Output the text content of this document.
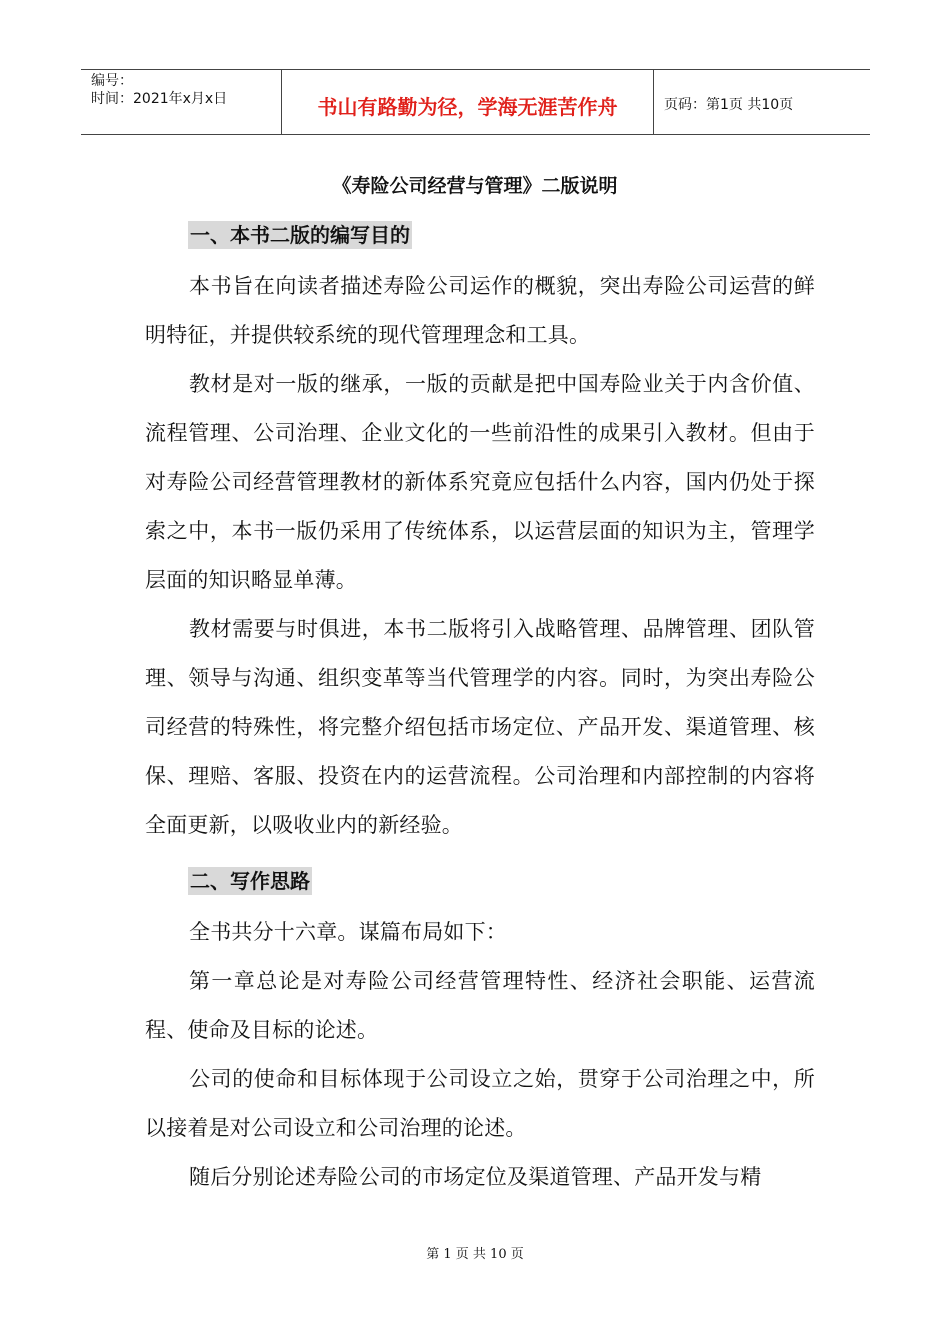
编号：
时间：2021年x月x日	书山有路勤为径，学海无涯苦作舟	页码：第1页 共10页
《寿险公司经营与管理》二版说明
一、本书二版的编写目的

本书旨在向读者描述寿险公司运作的概貌，突出寿险公司运营的鲜明特征，并提供较系统的现代管理理念和工具。

教材是对一版的继承，一版的贡献是把中国寿险业关于内含价值、流程管理、公司治理、企业文化的一些前沿性的成果引入教材。但由于对寿险公司经营管理教材的新体系究竟应包括什么内容，国内仍处于探索之中，本书一版仍采用了传统体系，以运营层面的知识为主，管理学层面的知识略显单薄。

教材需要与时俱进，本书二版将引入战略管理、品牌管理、团队管理、领导与沟通、组织变革等当代管理学的内容。同时，为突出寿险公司经营的特殊性，将完整介绍包括市场定位、产品开发、渠道管理、核保、理赔、客服、投资在内的运营流程。公司治理和内部控制的内容将全面更新，以吸收业内的新经验。

二、写作思路

全书共分十六章。谋篇布局如下：

第一章总论是对寿险公司经营管理特性、经济社会职能、运营流程、使命及目标的论述。

公司的使命和目标体现于公司设立之始，贯穿于公司治理之中，所以接着是对公司设立和公司治理的论述。

随后分别论述寿险公司的市场定位及渠道管理、产品开发与精

第 1 页 共 10 页
